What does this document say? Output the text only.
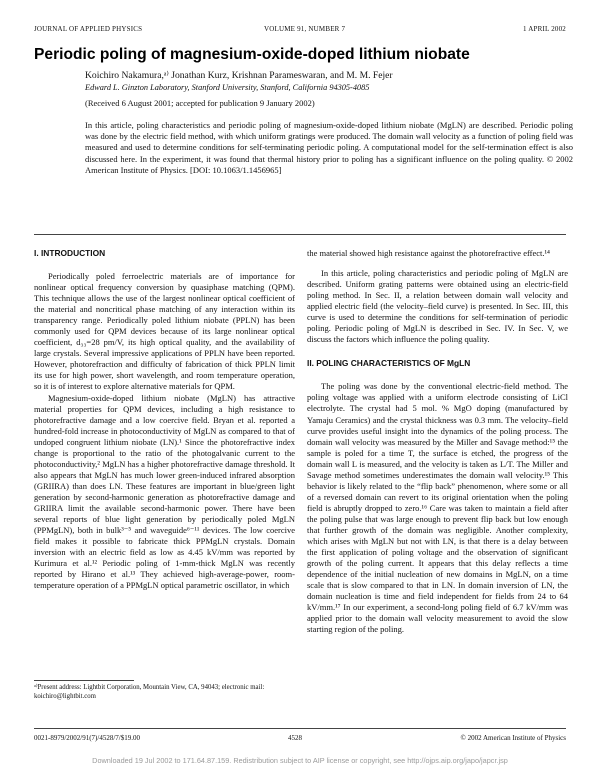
JOURNAL OF APPLIED PHYSICS	VOLUME 91, NUMBER 7	1 APRIL 2002
Periodic poling of magnesium-oxide-doped lithium niobate
Koichiro Nakamura,ᵃ⁾ Jonathan Kurz, Krishnan Parameswaran, and M. M. Fejer
Edward L. Ginzton Laboratory, Stanford University, Stanford, California 94305-4085
(Received 6 August 2001; accepted for publication 9 January 2002)

In this article, poling characteristics and periodic poling of magnesium-oxide-doped lithium niobate (MgLN) are described. Periodic poling was done by the electric field method, with which uniform gratings were produced. The domain wall velocity as a function of poling field was measured and used to determine conditions for self-terminating periodic poling. A computational model for the self-termination effect is also discussed here. In the experiment, it was found that thermal history prior to poling has a significant influence on the poling quality. © 2002 American Institute of Physics. [DOI: 10.1063/1.1456965]

I. INTRODUCTION

Periodically poled ferroelectric materials are of importance for nonlinear optical frequency conversion by quasiphase matching (QPM). This technique allows the use of the largest nonlinear optical coefficient of the material and noncritical phase matching of any interaction within its transparency range. Periodically poled lithium niobate (PPLN) has been commonly used for QPM devices because of its large nonlinear optical coefficient, d₃₃=28 pm/V, its high optical quality, and the availability of large crystals. Several impressive applications of PPLN have been reported. However, photorefraction and difficulty of fabrication of thick PPLN limit its use for high power, short wavelength, and room temperature operation, so it is of interest to explore alternative materials for QPM.

Magnesium-oxide-doped lithium niobate (MgLN) has attractive material properties for QPM devices, including a high resistance to photorefractive damage and a low coercive field. Bryan et al. reported a hundred-fold increase in photoconductivity of MgLN as compared to that of undoped congruent lithium niobate (LN).¹ Since the photorefractive index change is proportional to the ratio of the photogalvanic current to the photoconductivity,² MgLN has a higher photorefractive damage threshold. It also appears that MgLN has much lower green-induced infrared absorption (GRIIRA) than does LN. These features are important in blue/green light generation by second-harmonic generation as photorefractive damage and GRIIRA limit the available second-harmonic power. There have been several reports of blue light generation by periodically poled MgLN (PPMgLN), both in bulk³⁻⁵ and waveguide⁶⁻¹¹ devices. The low coercive field makes it possible to fabricate thick PPMgLN crystals. Domain inversion with an electric field as low as 4.45 kV/mm was reported by Kurimura et al.¹² Periodic poling of 1-mm-thick MgLN was recently reported by Hirano et al.¹³ They achieved high-average-power, room-temperature operation of a PPMgLN optical parametric oscillator, in which

the material showed high resistance against the photorefractive effect.¹⁴

In this article, poling characteristics and periodic poling of MgLN are described. Uniform grating patterns were obtained using an electric-field poling method. In Sec. II, a relation between domain wall velocity and applied electric field (the velocity–field curve) is presented. In Sec. III, this curve is used to determine the conditions for self-termination of periodic poling. Periodic poling of MgLN is described in Sec. IV. In Sec. V, we discuss the factors which influence the poling quality.

II. POLING CHARACTERISTICS OF MgLN

The poling was done by the conventional electric-field method. The poling voltage was applied with a uniform electrode consisting of LiCl electrolyte. The crystal had 5 mol. % MgO doping (manufactured by Yamaju Ceramics) and the crystal thickness was 0.3 mm. The velocity–field curve provides useful insight into the dynamics of the poling process. The domain wall velocity was measured by the Miller and Savage method:¹⁵ the sample is poled for a time T, the surface is etched, the progress of the domain wall L is measured, and the velocity is taken as L/T. The Miller and Savage method sometimes underestimates the domain wall velocity.¹⁵ This behavior is likely related to the “flip back” phenomenon, where some or all of a reversed domain can revert to its original orientation when the poling field is abruptly dropped to zero.¹⁶ Care was taken to maintain a field after the poling pulse that was large enough to prevent flip back but low enough that further growth of the domain was negligible. Another complexity, which arises with MgLN but not with LN, is that there is a delay between the first application of poling voltage and the observation of significant growth of the poling current. It appears that this delay reflects a time dependence of the initial nucleation of new domains in MgLN, on a time scale that is slow compared to that in LN. In domain inversion of LN, the domain nucleation is time and field independent for fields from 24 to 64 kV/mm.¹⁷ In our experiment, a second-long poling field of 6.7 kV/mm was applied prior to the domain wall velocity measurement to avoid the slow starting region of the poling.

ᵃ⁾Present address: Lightbit Corporation, Mountain View, CA, 94043; electronic mail: koichiro@lightbit.com
0021-8979/2002/91(7)/4528/7/$19.00	4528	© 2002 American Institute of Physics
Downloaded 19 Jul 2002 to 171.64.87.159. Redistribution subject to AIP license or copyright, see http://ojps.aip.org/japo/japcr.jsp
